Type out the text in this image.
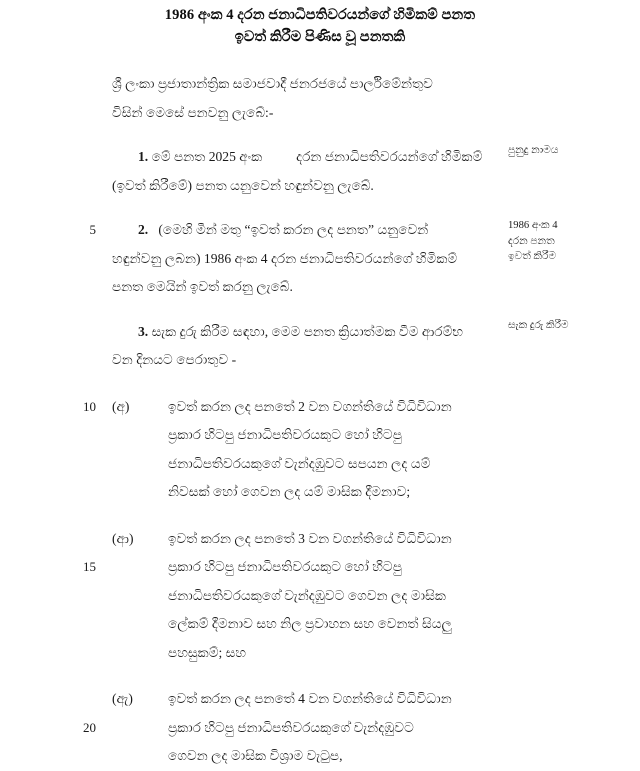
1986 අංක 4 දරන ජනාධිපතිවරයන්ගේ හිමිකම් පනත
ඉවත් කිරීම පිණිස වූ පනතකි

ශ්‍රී ලංකා ප්‍රජාතාන්ත්‍රික සමාජවාදී ජනරජයේ පාර්ලිමේන්තුව

විසින් මෙසේ පනවනු ලැබේ:-

1. මේ පනත 2025 අංක	දරන ජනාධිපතිවරයන්ගේ හිමිකම්

(ඉවත් කිරීමේ) පනත යනුවෙන් හඳුන්වනු ලැබේ.

පුනුදු නාමය
5	2. (මෙහි මීන් මතු “ඉවත් කරන ලද පනත” යනුවෙන්

හඳුන්වනු ලබන) 1986 අංක 4 දරන ජනාධිපතිවරයන්ගේ හිමිකම්

පනත මෙයින් ඉවත් කරනු ලැබේ.

1986 අංක 4
දරන පනත
ඉවත් කිරීම

3. සැක දුරු කිරීම සඳහා, මෙම පනත ක්‍රියාත්මක වීම ආරම්භ

වන දිනයට පෙරාතුව -

සැක දුරු කිරීම
10 (අ)	ඉවත් කරන ලද පනතේ 2 වන වගන්තියේ විධිවිධාන

ප්‍රකාර හිටපු ජනාධිපතිවරයකුට හෝ හිටපු

ජනාධිපතිවරයකුගේ වැන්දඹුවට සපයන ලද යම්

නිවසක් හෝ ගෙවන ලද යම් මාසික දීමනාව;

15
(ආ)	ඉවත් කරන ලද පනතේ 3 වන වගන්තියේ විධිවිධාන

ප්‍රකාර හිටපු ජනාධිපතිවරයකුට හෝ හිටපු

ජනාධිපතිවරයකුගේ වැන්දඹුවට ගෙවන ලද මාසික

ලේකම් දීමනාව සහ නිල ප්‍රවාහන සහ වෙනත් සියලු

පහසුකම්; සහ

20
(ඇ)	ඉවත් කරන ලද පනතේ 4 වන වගන්තියේ විධිවිධාන

ප්‍රකාර හිටපු ජනාධිපතිවරයකුගේ වැන්දඹුවට

ගෙවන ලද මාසික විශ්‍රාම වැටුප,
